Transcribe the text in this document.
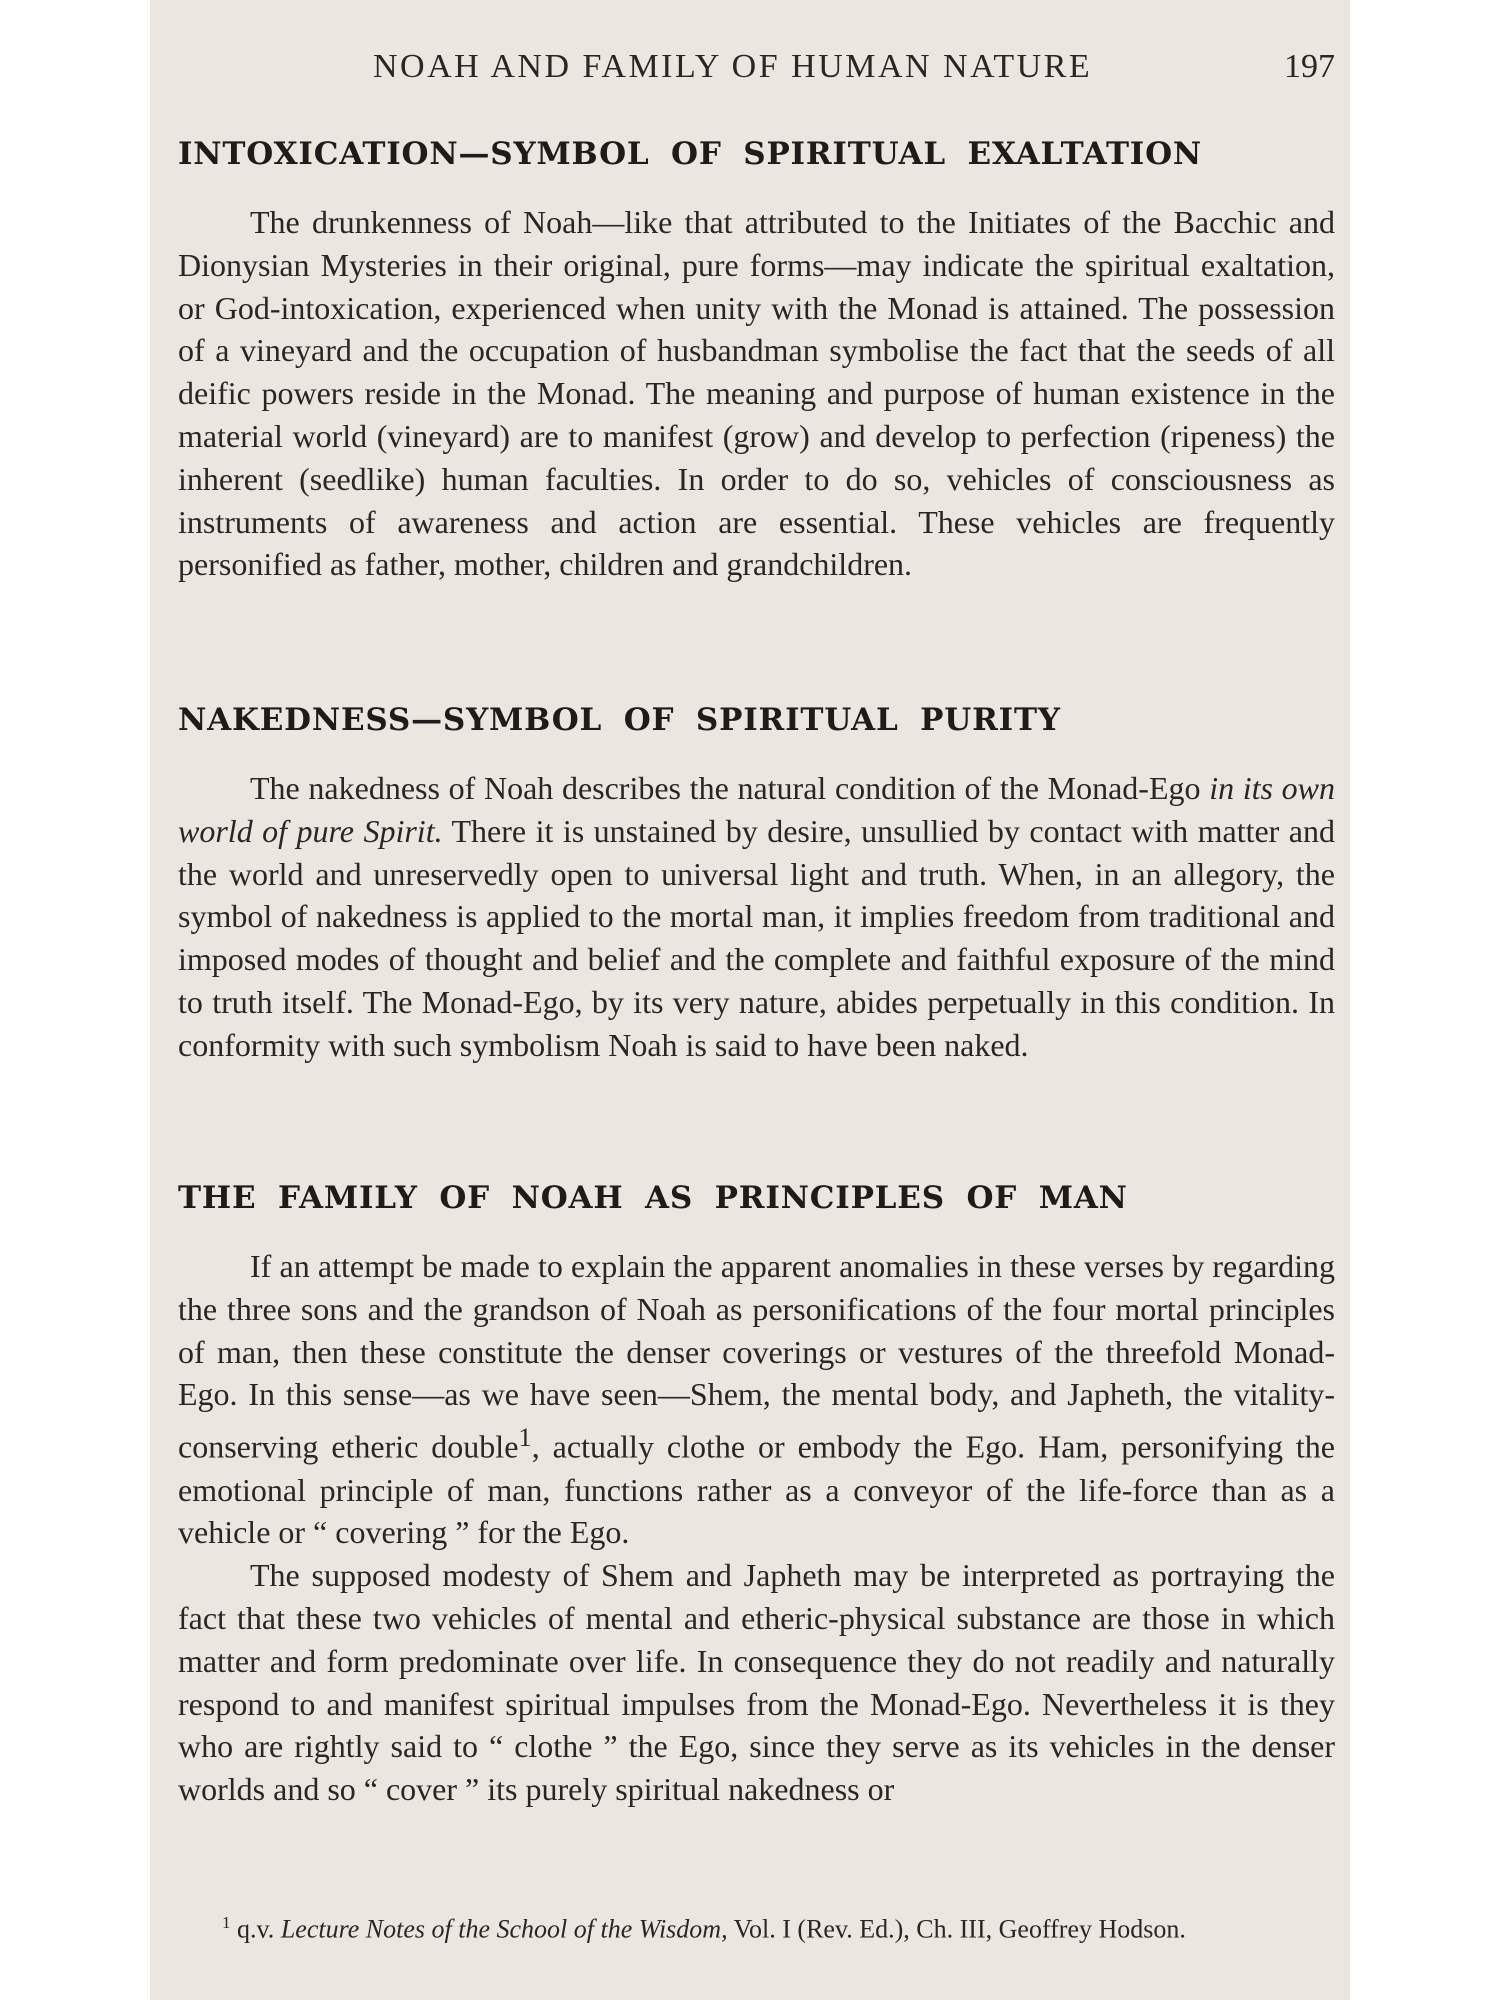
NOAH AND FAMILY OF HUMAN NATURE	197
INTOXICATION—SYMBOL OF SPIRITUAL EXALTATION

The drunkenness of Noah—like that attributed to the Initiates of the Bacchic and Dionysian Mysteries in their original, pure forms—may indicate the spiritual exaltation, or God-intoxication, experienced when unity with the Monad is attained. The possession of a vineyard and the occupation of husbandman symbolise the fact that the seeds of all deific powers reside in the Monad. The meaning and purpose of human existence in the material world (vineyard) are to manifest (grow) and develop to perfection (ripeness) the inherent (seedlike) human faculties. In order to do so, vehicles of consciousness as instruments of awareness and action are essential. These vehicles are frequently personified as father, mother, children and grandchildren.

NAKEDNESS—SYMBOL OF SPIRITUAL PURITY

The nakedness of Noah describes the natural condition of the Monad-Ego in its own world of pure Spirit. There it is unstained by desire, unsullied by contact with matter and the world and unreservedly open to universal light and truth. When, in an allegory, the symbol of nakedness is applied to the mortal man, it implies freedom from traditional and imposed modes of thought and belief and the complete and faithful exposure of the mind to truth itself. The Monad-Ego, by its very nature, abides perpetually in this condition. In conformity with such symbolism Noah is said to have been naked.

THE FAMILY OF NOAH AS PRINCIPLES OF MAN

If an attempt be made to explain the apparent anomalies in these verses by regarding the three sons and the grandson of Noah as personifications of the four mortal principles of man, then these constitute the denser coverings or vestures of the threefold Monad-Ego. In this sense—as we have seen—Shem, the mental body, and Japheth, the vitality-conserving etheric double$^1$, actually clothe or embody the Ego. Ham, personifying the emotional principle of man, functions rather as a conveyor of the life-force than as a vehicle or “ covering ” for the Ego.

The supposed modesty of Shem and Japheth may be interpreted as portraying the fact that these two vehicles of mental and etheric-physical substance are those in which matter and form predominate over life. In consequence they do not readily and naturally respond to and manifest spiritual impulses from the Monad-Ego. Nevertheless it is they who are rightly said to “ clothe ” the Ego, since they serve as its vehicles in the denser worlds and so “ cover ” its purely spiritual nakedness or

$^1$ q.v. Lecture Notes of the School of the Wisdom, Vol. I (Rev. Ed.), Ch. III, Geoffrey Hodson.
